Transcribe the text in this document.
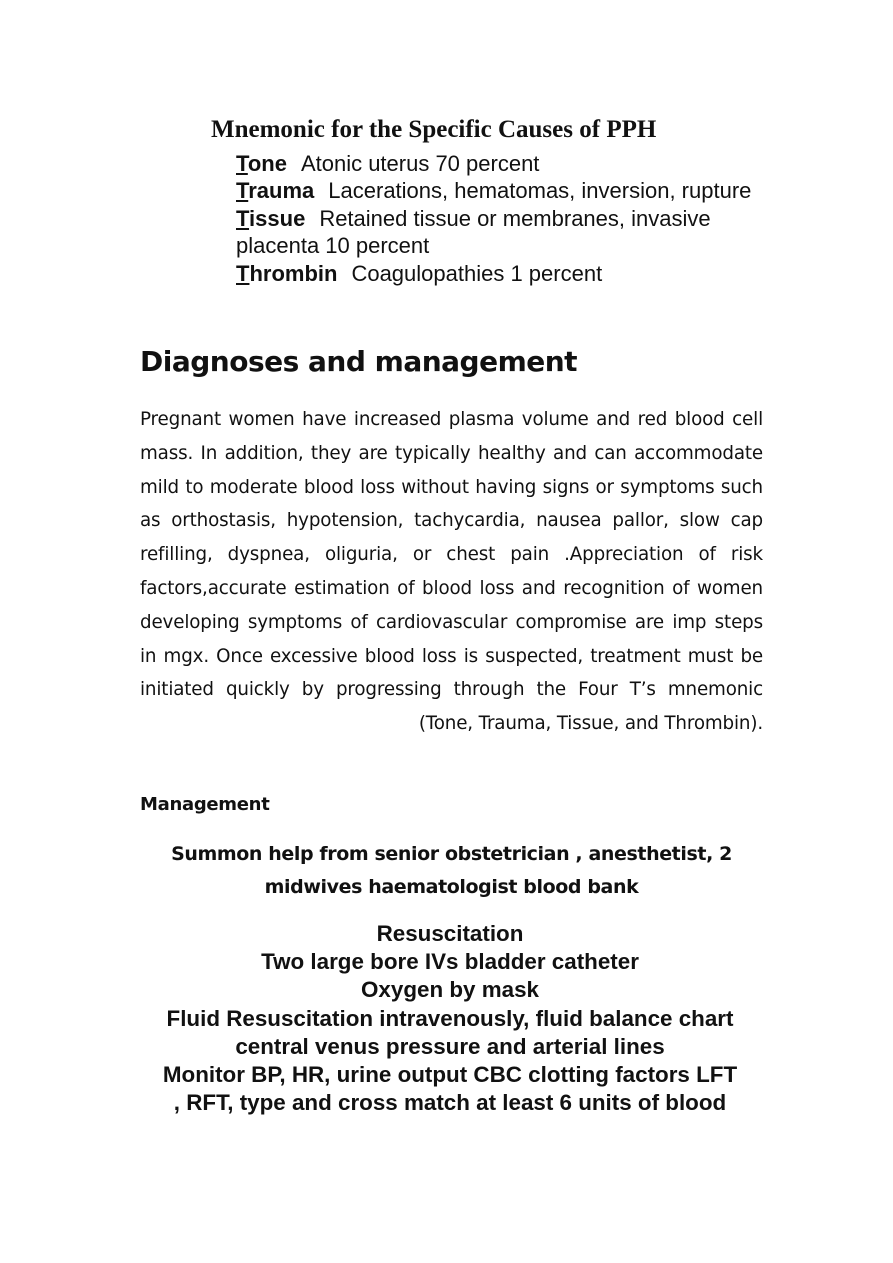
Mnemonic for the Specific Causes of PPH

Tone Atonic uterus 70 percent

Trauma Lacerations, hematomas, inversion, rupture

Tissue Retained tissue or membranes, invasive placenta 10 percent

Thrombin Coagulopathies 1 percent

Diagnoses and management

Pregnant women have increased plasma volume and red blood cell mass. In addition, they are typically healthy and can accommodate mild to moderate blood loss without having signs or symptoms such as orthostasis, hypotension, tachycardia, nausea pallor, slow cap refilling, dyspnea, oliguria, or chest pain .Appreciation of risk factors,accurate estimation of blood loss and recognition of women developing symptoms of cardiovascular compromise are imp steps in mgx. Once excessive blood loss is suspected, treatment must be initiated quickly by progressing through the Four T’s mnemonic (Tone, Trauma, Tissue, and Thrombin).

Management
Summon help from senior obstetrician , anesthetist, 2
midwives haematologist blood bank

Resuscitation

Two large bore IVs bladder catheter

Oxygen by mask

Fluid Resuscitation intravenously, fluid balance chart

central venus pressure and arterial lines

Monitor BP, HR, urine output CBC clotting factors LFT

, RFT, type and cross match at least 6 units of blood
